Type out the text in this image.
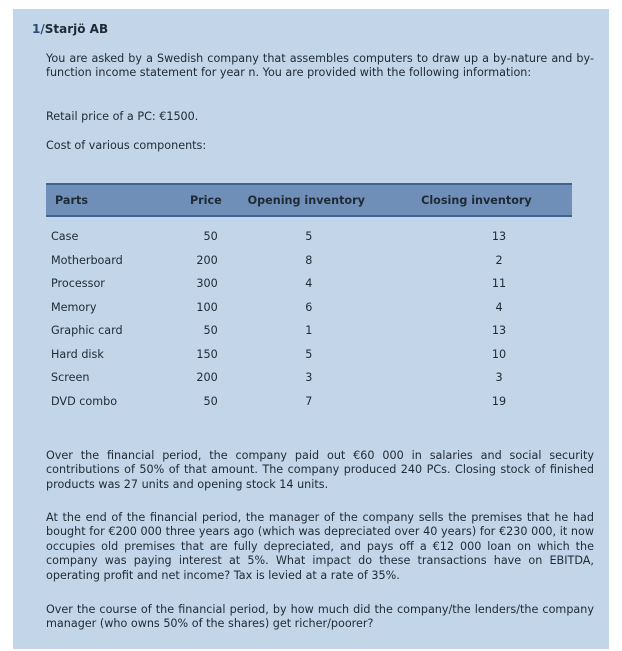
1/Starjö AB
You are asked by a Swedish company that assembles computers to draw up a by-nature and by-function income statement for year n. You are provided with the following information:
Retail price of a PC: €1500.
Cost of various components:
Parts	Price	Opening inventory	Closing inventory

Case	50	5	13

Motherboard	200	8	2

Processor	300	4	11

Memory	100	6	4

Graphic card	50	1	13

Hard disk	150	5	10

Screen	200	3	3

DVD combo	50	7	19
Over the financial period, the company paid out €60 000 in salaries and social security contributions of 50% of that amount. The company produced 240 PCs. Closing stock of finished products was 27 units and opening stock 14 units.
At the end of the financial period, the manager of the company sells the premises that he had bought for €200 000 three years ago (which was depreciated over 40 years) for €230 000, it now occupies old premises that are fully depreciated, and pays off a €12 000 loan on which the company was paying interest at 5%. What impact do these transactions have on EBITDA, operating profit and net income? Tax is levied at a rate of 35%.
Over the course of the financial period, by how much did the company/the lenders/the company manager (who owns 50% of the shares) get richer/poorer?
